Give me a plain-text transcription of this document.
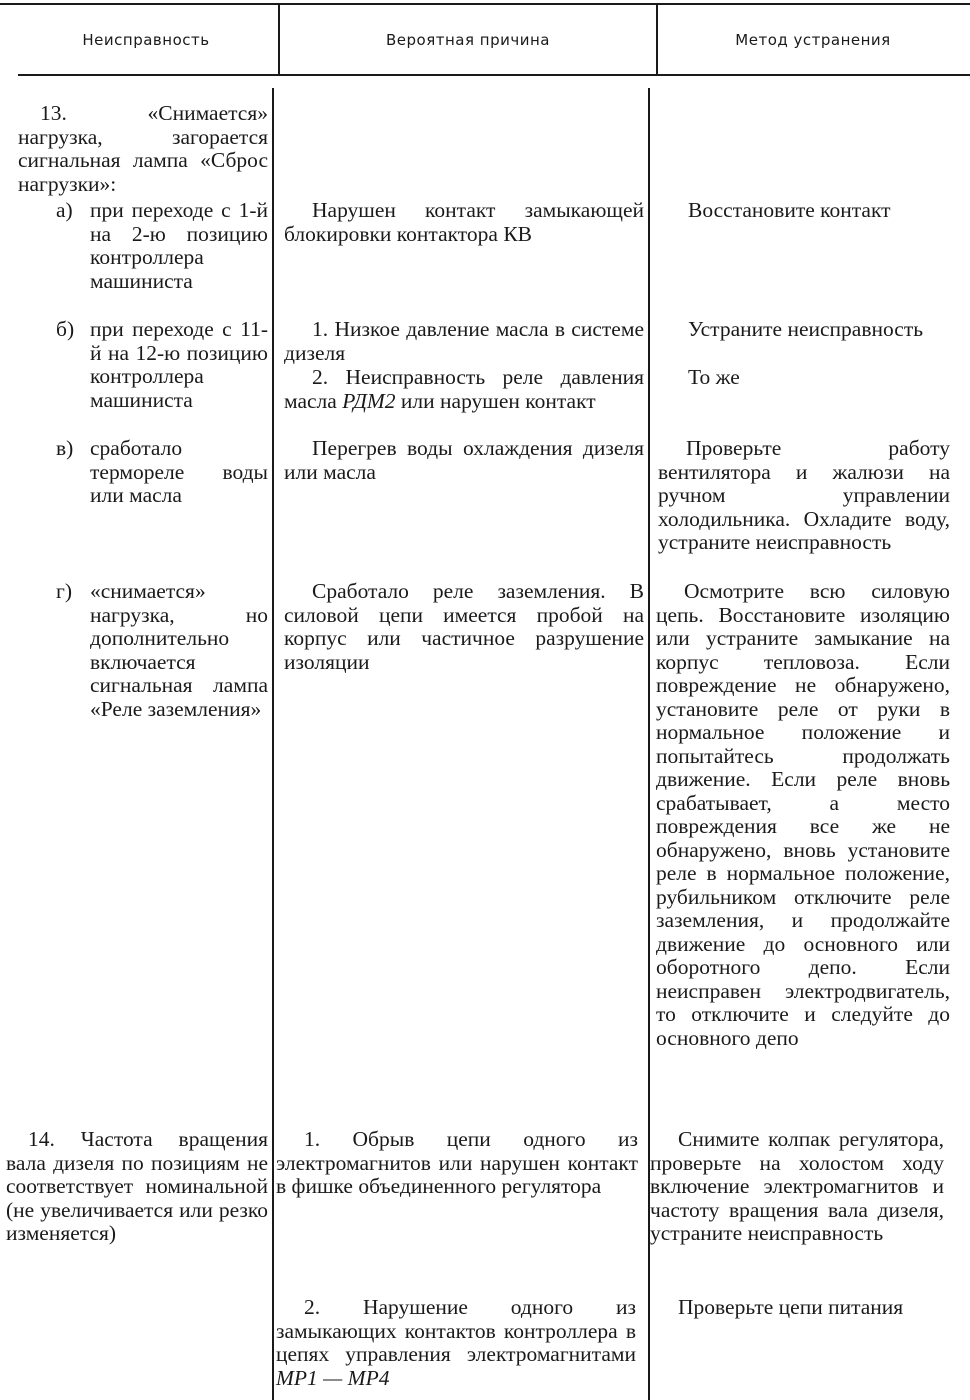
Неисправность	Вероятная причина	Метод устранения
13. «Снимается» нагрузка, загорается сигнальная лампа «Сброс нагрузки»:
а) при переходе с 1-й на 2-ю позицию контроллера машиниста
Нарушен контакт замыкающей блокировки контактора КВ
Восстановите контакт
б) при переходе с 11-й на 12-ю позицию контроллера машиниста
1. Низкое давление масла в системе дизеля
2. Неисправность реле давления масла РДМ2 или нарушен контакт
Устраните неисправность
То же
в) сработало термореле воды или масла
Перегрев воды охлаждения дизеля или масла
Проверьте работу вентилятора и жалюзи на ручном управлении холодильника. Охладите воду, устраните неисправность
г) «снимается» нагрузка, но дополнительно включается сигнальная лампа «Реле заземления»
Сработало реле заземления. В силовой цепи имеется пробой на корпус или частичное разрушение изоляции
Осмотрите всю силовую цепь. Восстановите изоляцию или устраните замыкание на корпус тепловоза. Если повреждение не обнаружено, установите реле от руки в нормальное положение и попытайтесь продолжать движение. Если реле вновь срабатывает, а место повреждения все же не обнаружено, вновь установите реле в нормальное положение, рубильником отключите реле заземления, и продолжайте движение до основного или оборотного депо. Если неисправен электродвигатель, то отключите и следуйте до основного депо
14. Частота вращения вала дизеля по позициям не соответствует номинальной (не увеличивается или резко изменяется)
1. Обрыв цепи одного из электромагнитов или нарушен контакт в фишке объединенного регулятора
Снимите колпак регулятора, проверьте на холостом ходу включение электромагнитов и частоту вращения вала дизеля, устраните неисправность
2. Нарушение одного из замыкающих контактов контроллера в цепях управления электромагнитами МР1 — МР4
Проверьте цепи питания
